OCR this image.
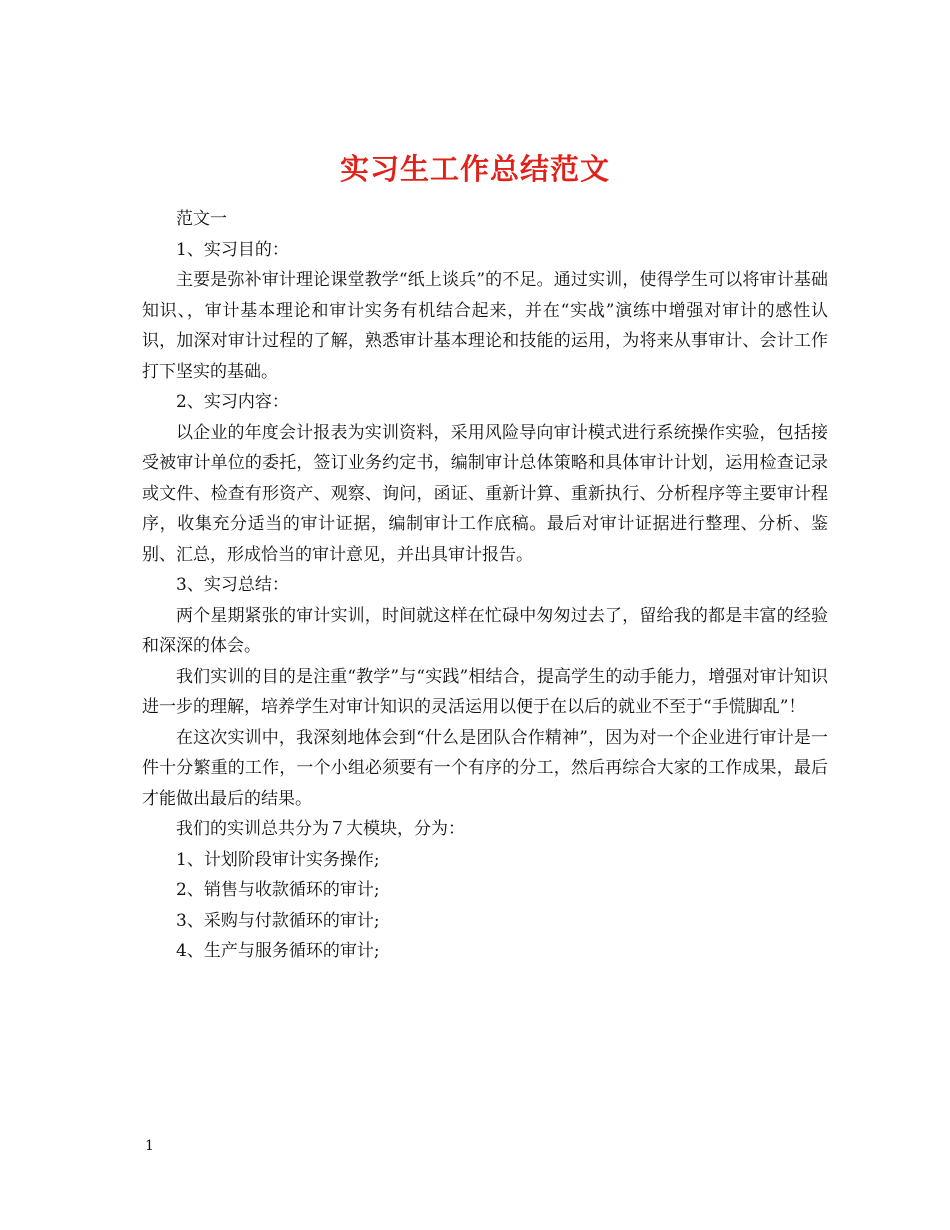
实习生工作总结范文

范文一

1、实习目的：

主要是弥补审计理论课堂教学“纸上谈兵”的不足。通过实训，使得学生可以将审计基础知识、，审计基本理论和审计实务有机结合起来，并在“实战”演练中增强对审计的感性认识，加深对审计过程的了解，熟悉审计基本理论和技能的运用，为将来从事审计、会计工作打下坚实的基础。

2、实习内容：

以企业的年度会计报表为实训资料，采用风险导向审计模式进行系统操作实验，包括接受被审计单位的委托，签订业务约定书，编制审计总体策略和具体审计计划，运用检查记录或文件、检查有形资产、观察、询问，函证、重新计算、重新执行、分析程序等主要审计程序，收集充分适当的审计证据，编制审计工作底稿。最后对审计证据进行整理、分析、鉴别、汇总，形成恰当的审计意见，并出具审计报告。

3、实习总结：

两个星期紧张的审计实训，时间就这样在忙碌中匆匆过去了，留给我的都是丰富的经验和深深的体会。

我们实训的目的是注重“教学”与“实践”相结合，提高学生的动手能力，增强对审计知识进一步的理解，培养学生对审计知识的灵活运用以便于在以后的就业不至于“手慌脚乱”！

在这次实训中，我深刻地体会到“什么是团队合作精神”，因为对一个企业进行审计是一件十分繁重的工作，一个小组必须要有一个有序的分工，然后再综合大家的工作成果，最后才能做出最后的结果。

我们的实训总共分为７大模块，分为：

1、计划阶段审计实务操作;

2、销售与收款循环的审计;

3、采购与付款循环的审计;

4、生产与服务循环的审计;

1
